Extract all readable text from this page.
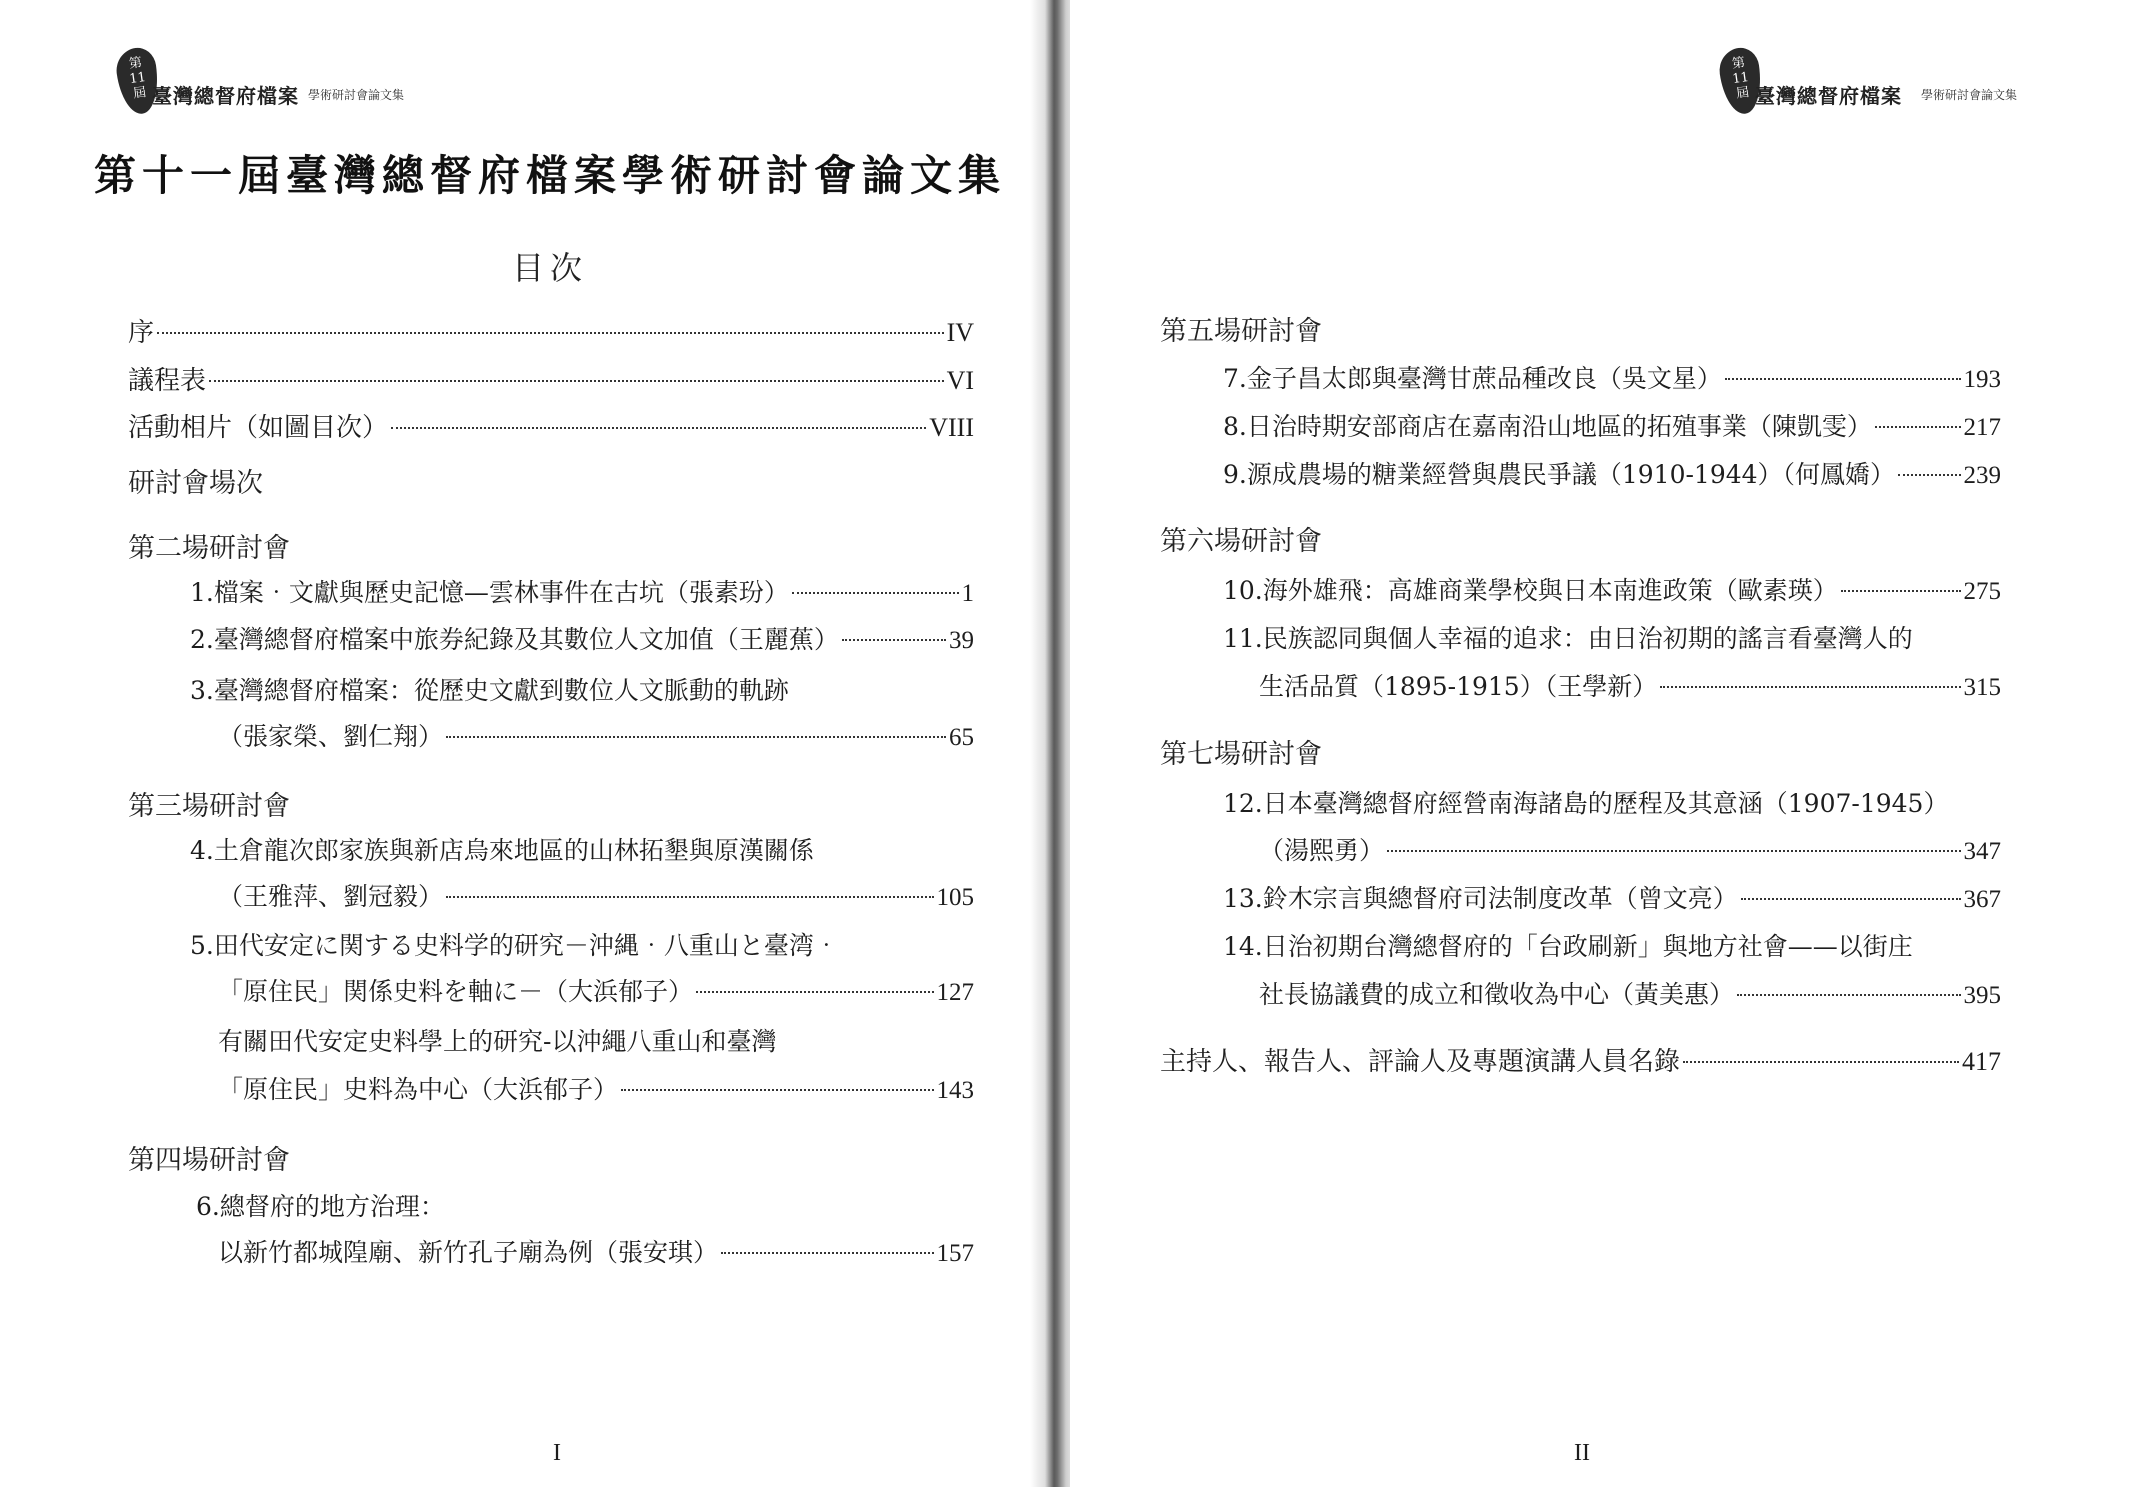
第11屆 臺灣總督府檔案 學術研討會論文集
第十一屆臺灣總督府檔案學術研討會論文集
目次
序	IV
議程表	VI
活動相片（如圖目次）	VIII
研討會場次
第二場研討會
1.檔案‧文獻與歷史記憶—雲林事件在古坑（張素玢）	1
2.臺灣總督府檔案中旅券紀錄及其數位人文加值（王麗蕉）	39
3.臺灣總督府檔案：從歷史文獻到數位人文脈動的軌跡
（張家榮、劉仁翔）	65
第三場研討會
4.土倉龍次郎家族與新店烏來地區的山林拓墾與原漢關係
（王雅萍、劉冠毅）	105
5.田代安定に関する史料学的研究－沖縄‧八重山と臺湾‧
「原住民」関係史料を軸に－（大浜郁子）	127
有關田代安定史料學上的研究-以沖繩八重山和臺灣
「原住民」史料為中心（大浜郁子）	143
第四場研討會
6.總督府的地方治理：
以新竹都城隍廟、新竹孔子廟為例（張安琪）	157
I
第11屆 臺灣總督府檔案 學術研討會論文集
第五場研討會
7.金子昌太郎與臺灣甘蔗品種改良（吳文星）	193
8.日治時期安部商店在嘉南沿山地區的拓殖事業（陳凱雯）	217
9.源成農場的糖業經營與農民爭議（1910-1944）（何鳳嬌）	239
第六場研討會
10.海外雄飛：高雄商業學校與日本南進政策（歐素瑛）	275
11.民族認同與個人幸福的追求：由日治初期的謠言看臺灣人的
生活品質（1895-1915）（王學新）	315
第七場研討會
12.日本臺灣總督府經營南海諸島的歷程及其意涵（1907-1945）
（湯熙勇）	347
13.鈴木宗言與總督府司法制度改革（曾文亮）	367
14.日治初期台灣總督府的「台政刷新」與地方社會——以街庄
社長協議費的成立和徵收為中心（黃美惠）	395
主持人、報告人、評論人及專題演講人員名錄	417
II
